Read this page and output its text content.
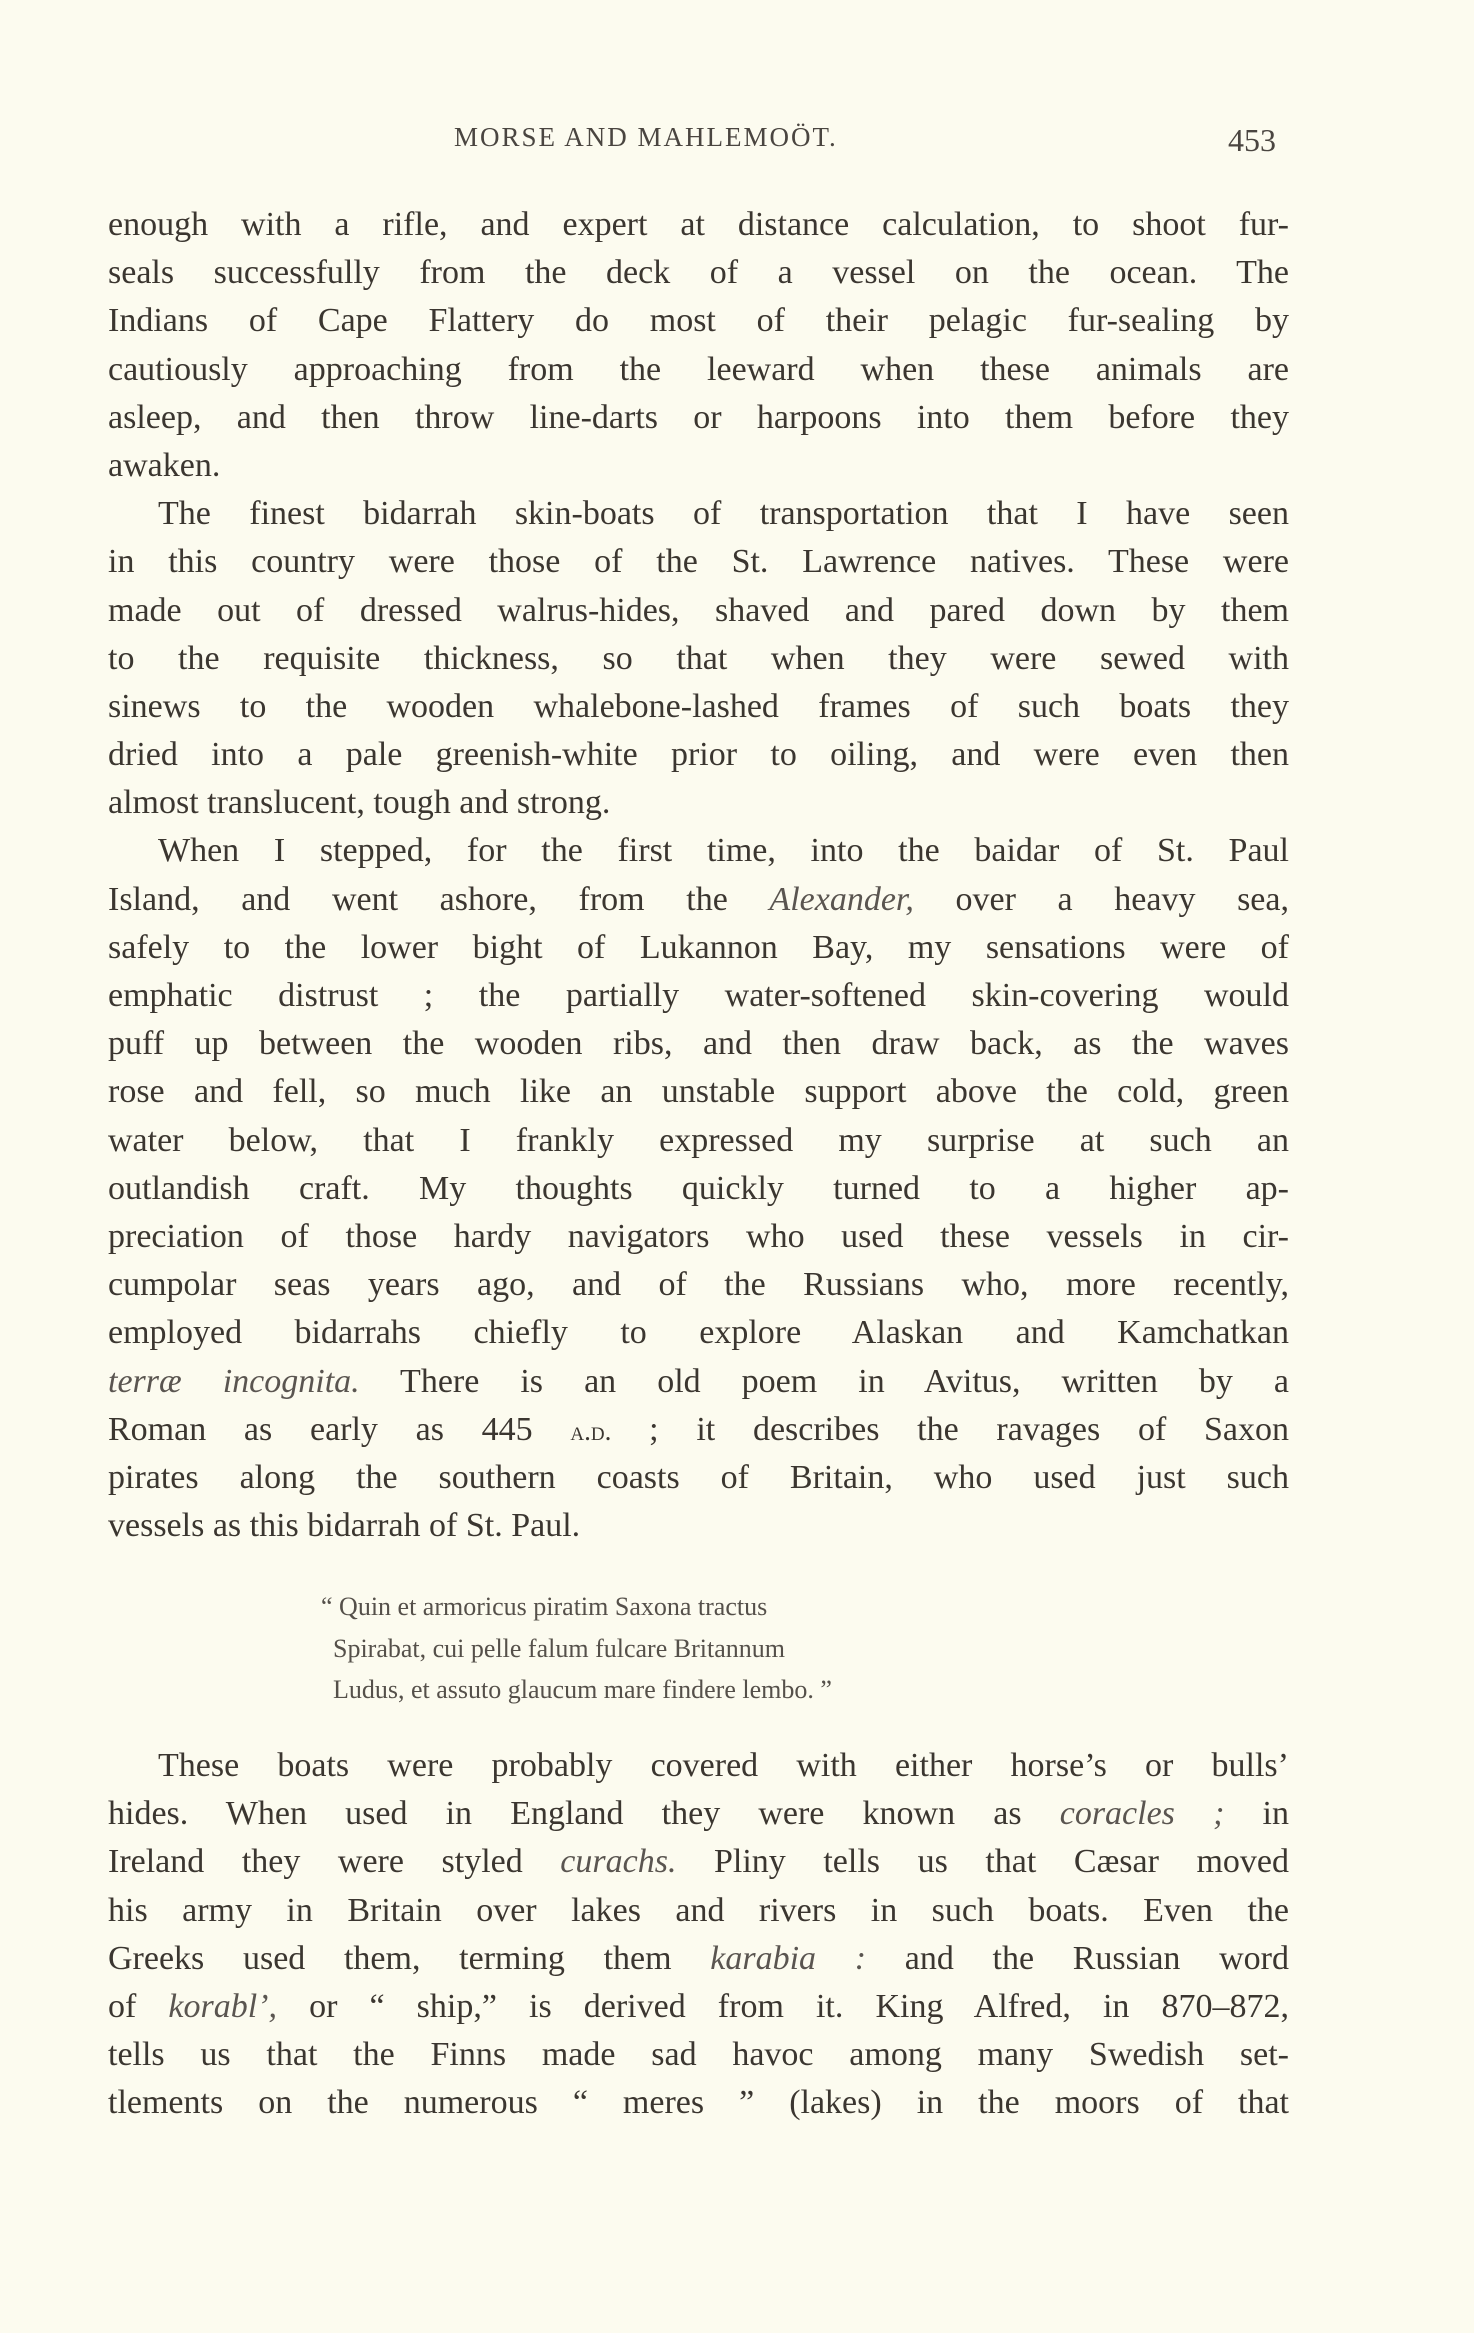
MORSE AND MAHLEMOÖT.	453
enough with a rifle, and expert at distance calculation, to shoot fur-
seals successfully from the deck of a vessel on the ocean. The
Indians of Cape Flattery do most of their pelagic fur-sealing by
cautiously approaching from the leeward when these animals are
asleep, and then throw line-darts or harpoons into them before they
awaken.
The finest bidarrah skin-boats of transportation that I have seen
in this country were those of the St. Lawrence natives. These were
made out of dressed walrus-hides, shaved and pared down by them
to the requisite thickness, so that when they were sewed with
sinews to the wooden whalebone-lashed frames of such boats they
dried into a pale greenish-white prior to oiling, and were even then
almost translucent, tough and strong.
When I stepped, for the first time, into the baidar of St. Paul
Island, and went ashore, from the Alexander, over a heavy sea,
safely to the lower bight of Lukannon Bay, my sensations were of
emphatic distrust ; the partially water-softened skin-covering would
puff up between the wooden ribs, and then draw back, as the waves
rose and fell, so much like an unstable support above the cold, green
water below, that I frankly expressed my surprise at such an
outlandish craft. My thoughts quickly turned to a higher ap-
preciation of those hardy navigators who used these vessels in cir-
cumpolar seas years ago, and of the Russians who, more recently,
employed bidarrahs chiefly to explore Alaskan and Kamchatkan
terræ incognita. There is an old poem in Avitus, written by a
Roman as early as 445 a.d. ; it describes the ravages of Saxon
pirates along the southern coasts of Britain, who used just such
vessels as this bidarrah of St. Paul.
“ Quin et armoricus piratim Saxona tractus
Spirabat, cui pelle falum fulcare Britannum
Ludus, et assuto glaucum mare findere lembo. ”
These boats were probably covered with either horse’s or bulls’
hides. When used in England they were known as coracles ; in
Ireland they were styled curachs. Pliny tells us that Cæsar moved
his army in Britain over lakes and rivers in such boats. Even the
Greeks used them, terming them karabia : and the Russian word
of korabl’, or “ ship,” is derived from it. King Alfred, in 870–872,
tells us that the Finns made sad havoc among many Swedish set-
tlements on the numerous “ meres ” (lakes) in the moors of that
